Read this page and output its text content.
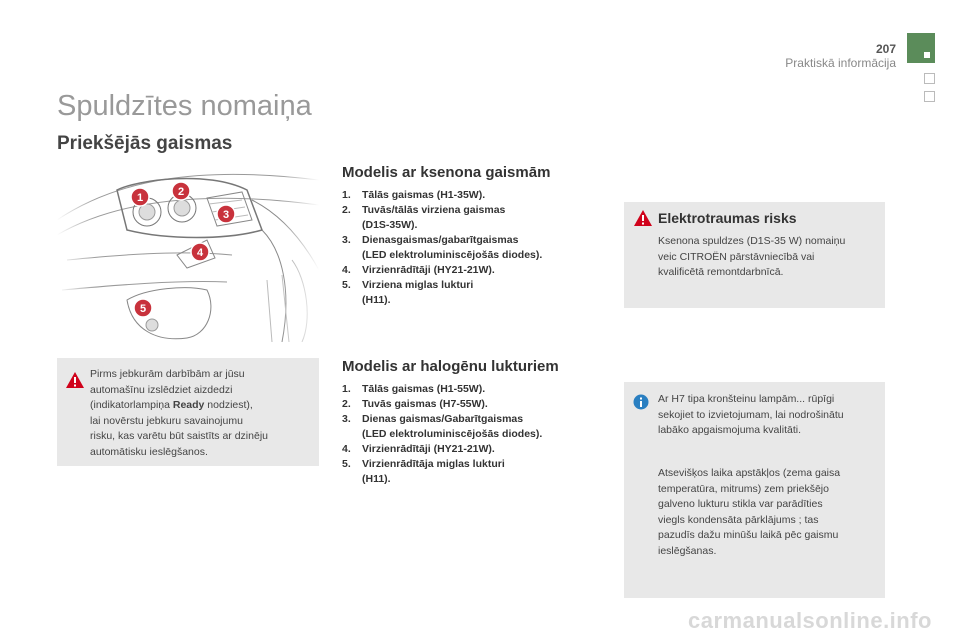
207
Praktiskā informācija
Spuldzītes nomaiņa
Priekšējās gaismas
1	2
3
4
5
Pirms jebkurām darbībām ar jūsu
automašīnu izslēdziet aizdedzi
(indikatorlampiņa Ready nodziest),
lai novērstu jebkuru savainojumu
risku, kas varētu būt saistīts ar dzinēju
automātisku ieslēgšanos.
Modelis ar ksenona gaismām
1. Tālās gaismas (H1-35W).
2. Tuvās/tālās virziena gaismas
(D1S-35W).
3. Dienasgaismas/gabarītgaismas
(LED elektroluminiscējošās diodes).
4. Virzienrādītāji (HY21-21W).
5. Virziena miglas lukturi
(H11).
Modelis ar halogēnu lukturiem
1. Tālās gaismas (H1-55W).
2. Tuvās gaismas (H7-55W).
3. Dienas gaismas/Gabarītgaismas
(LED elektroluminiscējošās diodes).
4. Virzienrādītāji (HY21-21W).
5. Virzienrādītāja miglas lukturi
(H11).
Elektrotraumas risks
Ksenona spuldzes (D1S-35 W) nomaiņu
veic CITROËN pārstāvniecībā vai
kvalificētā remontdarbnīcā.
Ar H7 tipa kronšteinu lampām... rūpīgi
sekojiet to izvietojumam, lai nodrošinātu
labāko apgaismojuma kvalitāti.
Atsevišķos laika apstākļos (zema gaisa
temperatūra, mitrums) zem priekšējo
galveno lukturu stikla var parādīties
viegls kondensāta pārklājums ; tas
pazudīs dažu minūšu laikā pēc gaismu
ieslēgšanas.
carmanualsonline.info
